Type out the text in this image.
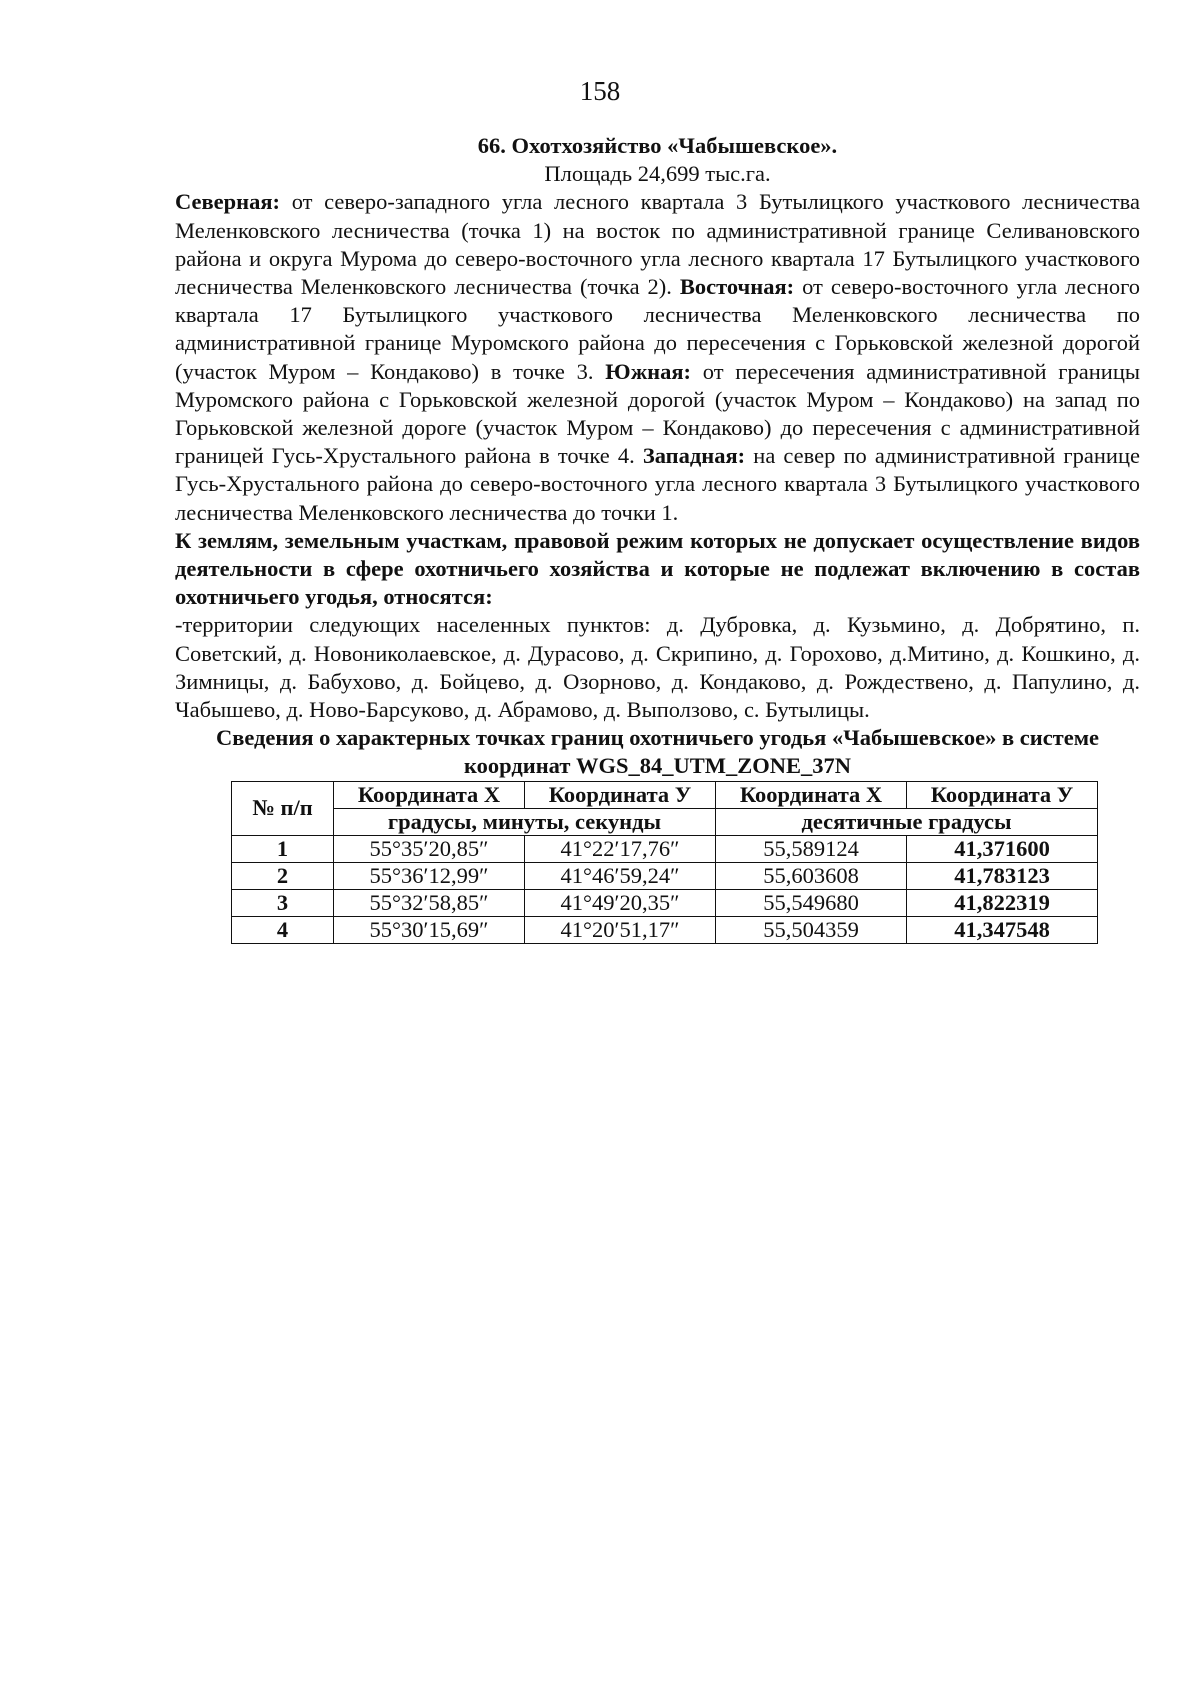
158
66. Охотхозяйство «Чабышевское».
Площадь 24,699 тыс.га.

Северная: от северо-западного угла лесного квартала 3 Бутылицкого участкового лесничества Меленковского лесничества (точка 1) на восток по административной границе Селивановского района и округа Мурома до северо-восточного угла лесного квартала 17 Бутылицкого участкового лесничества Меленковского лесничества (точка 2). Восточная: от северо-восточного угла лесного квартала 17 Бутылицкого участкового лесничества Меленковского лесничества по административной границе Муромского района до пересечения с Горьковской железной дорогой (участок Муром – Кондаково) в точке 3. Южная: от пересечения административной границы Муромского района с Горьковской железной дорогой (участок Муром – Кондаково) на запад по Горьковской железной дороге (участок Муром – Кондаково) до пересечения с административной границей Гусь-Хрустального района в точке 4. Западная: на север по административной границе Гусь-Хрустального района до северо-восточного угла лесного квартала 3 Бутылицкого участкового лесничества Меленковского лесничества до точки 1.

К землям, земельным участкам, правовой режим которых не допускает осуществление видов деятельности в сфере охотничьего хозяйства и которые не подлежат включению в состав охотничьего угодья, относятся:

-территории следующих населенных пунктов: д. Дубровка, д. Кузьмино, д. Добрятино, п. Советский, д. Новониколаевское, д. Дурасово, д. Скрипино, д. Горохово, д.Митино, д. Кошкино, д. Зимницы, д. Бабухово, д. Бойцево, д. Озорново, д. Кондаково, д. Рождествено, д. Папулино, д. Чабышево, д. Ново-Барсуково, д. Абрамово, д. Выползово, с. Бутылицы.

Сведения о характерных точках границ охотничьего угодья «Чабышевское» в системе координат WGS_84_UTM_ZONE_37N
№ п/п	Координата X	Координата У	Координата X	Координата У
	градусы, минуты, секунды		десятичные градусы	
1	55°35′20,85″	41°22′17,76″	55,589124	41,371600
2	55°36′12,99″	41°46′59,24″	55,603608	41,783123
3	55°32′58,85″	41°49′20,35″	55,549680	41,822319
4	55°30′15,69″	41°20′51,17″	55,504359	41,347548
